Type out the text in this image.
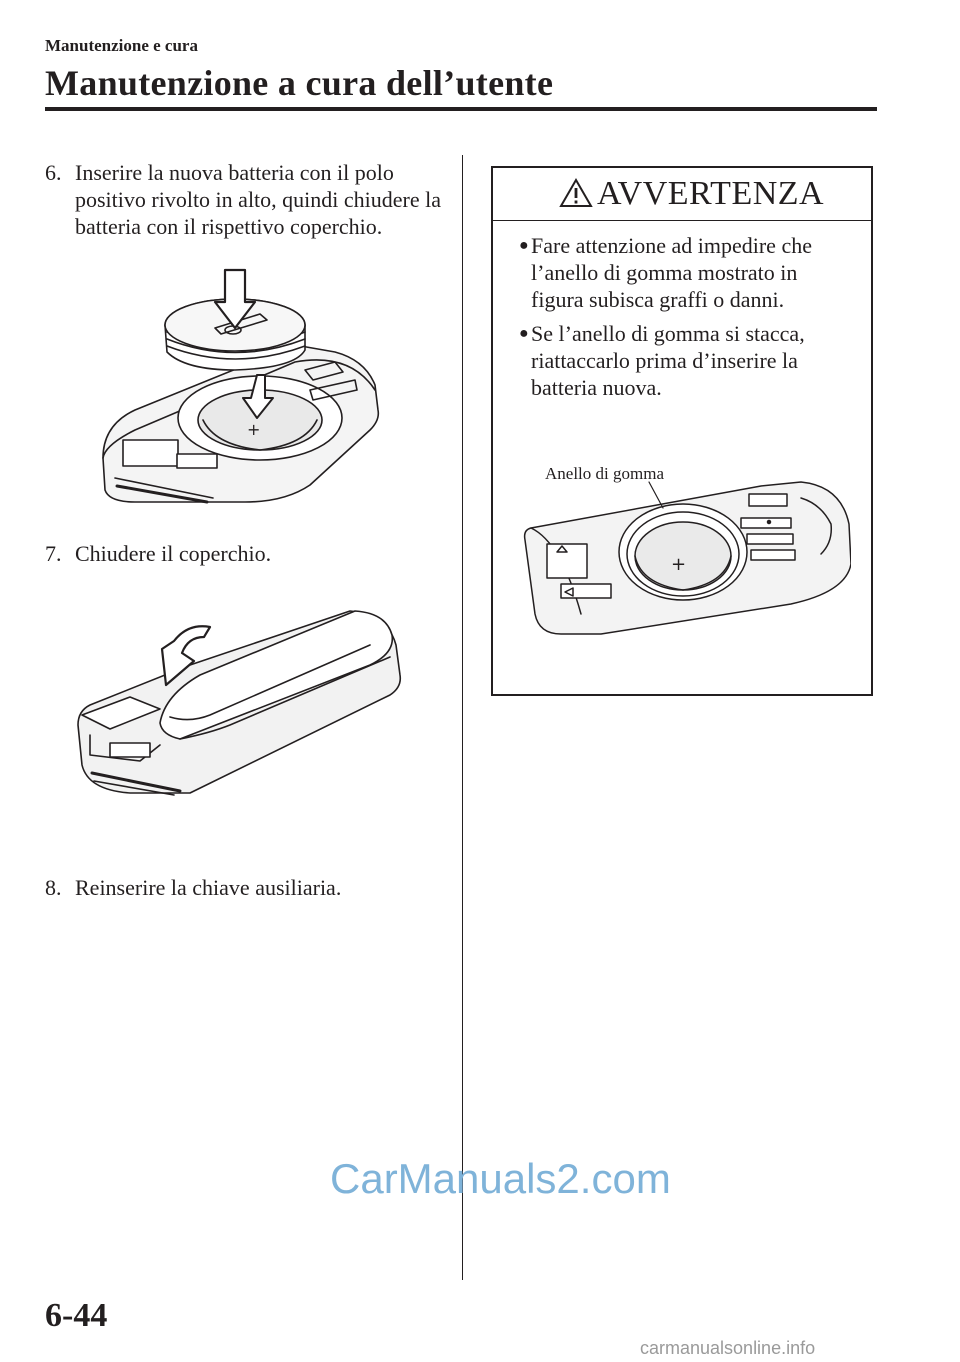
Manutenzione e cura
Manutenzione a cura dell’utente
6. Inserire la nuova batteria con il polo positivo rivolto in alto, quindi chiudere la batteria con il rispettivo coperchio.
+
7. Chiudere il coperchio.
8. Reinserire la chiave ausiliaria.
AVVERTENZA
● Fare attenzione ad impedire che l’anello di gomma mostrato in figura subisca graffi o danni.
● Se l’anello di gomma si stacca, riattaccarlo prima d’inserire la batteria nuova.
+
Anello di gomma
CarManuals2.com
6-44
carmanualsonline.info
